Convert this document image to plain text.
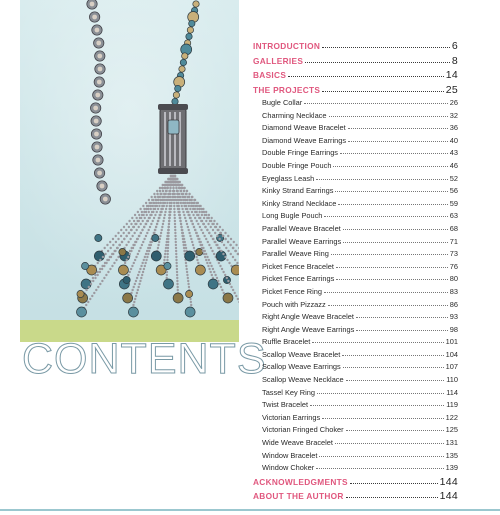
CONTENTS
INTRODUCTION	6
GALLERIES	8
BASICS	14
THE PROJECTS	25
Bugle Collar	26
Charming Necklace	32
Diamond Weave Bracelet	36
Diamond Weave Earrings	40
Double Fringe Earrings	43
Double Fringe Pouch	46
Eyeglass Leash	52
Kinky Strand Earrings	56
Kinky Strand Necklace	59
Long Bugle Pouch	63
Parallel Weave Bracelet	68
Parallel Weave Earrings	71
Parallel Weave Ring	73
Picket Fence Bracelet	76
Picket Fence Earrings	80
Picket Fence Ring	83
Pouch with Pizzazz	86
Right Angle Weave Bracelet	93
Right Angle Weave Earrings	98
Ruffle Bracelet	101
Scallop Weave Bracelet	104
Scallop Weave Earrings	107
Scallop Weave Necklace	110
Tassel Key Ring	114
Twist Bracelet	119
Victorian Earrings	122
Victorian Fringed Choker	125
Wide Weave Bracelet	131
Window Bracelet	135
Window Choker	139
ACKNOWLEDGMENTS	144
ABOUT THE AUTHOR	144
